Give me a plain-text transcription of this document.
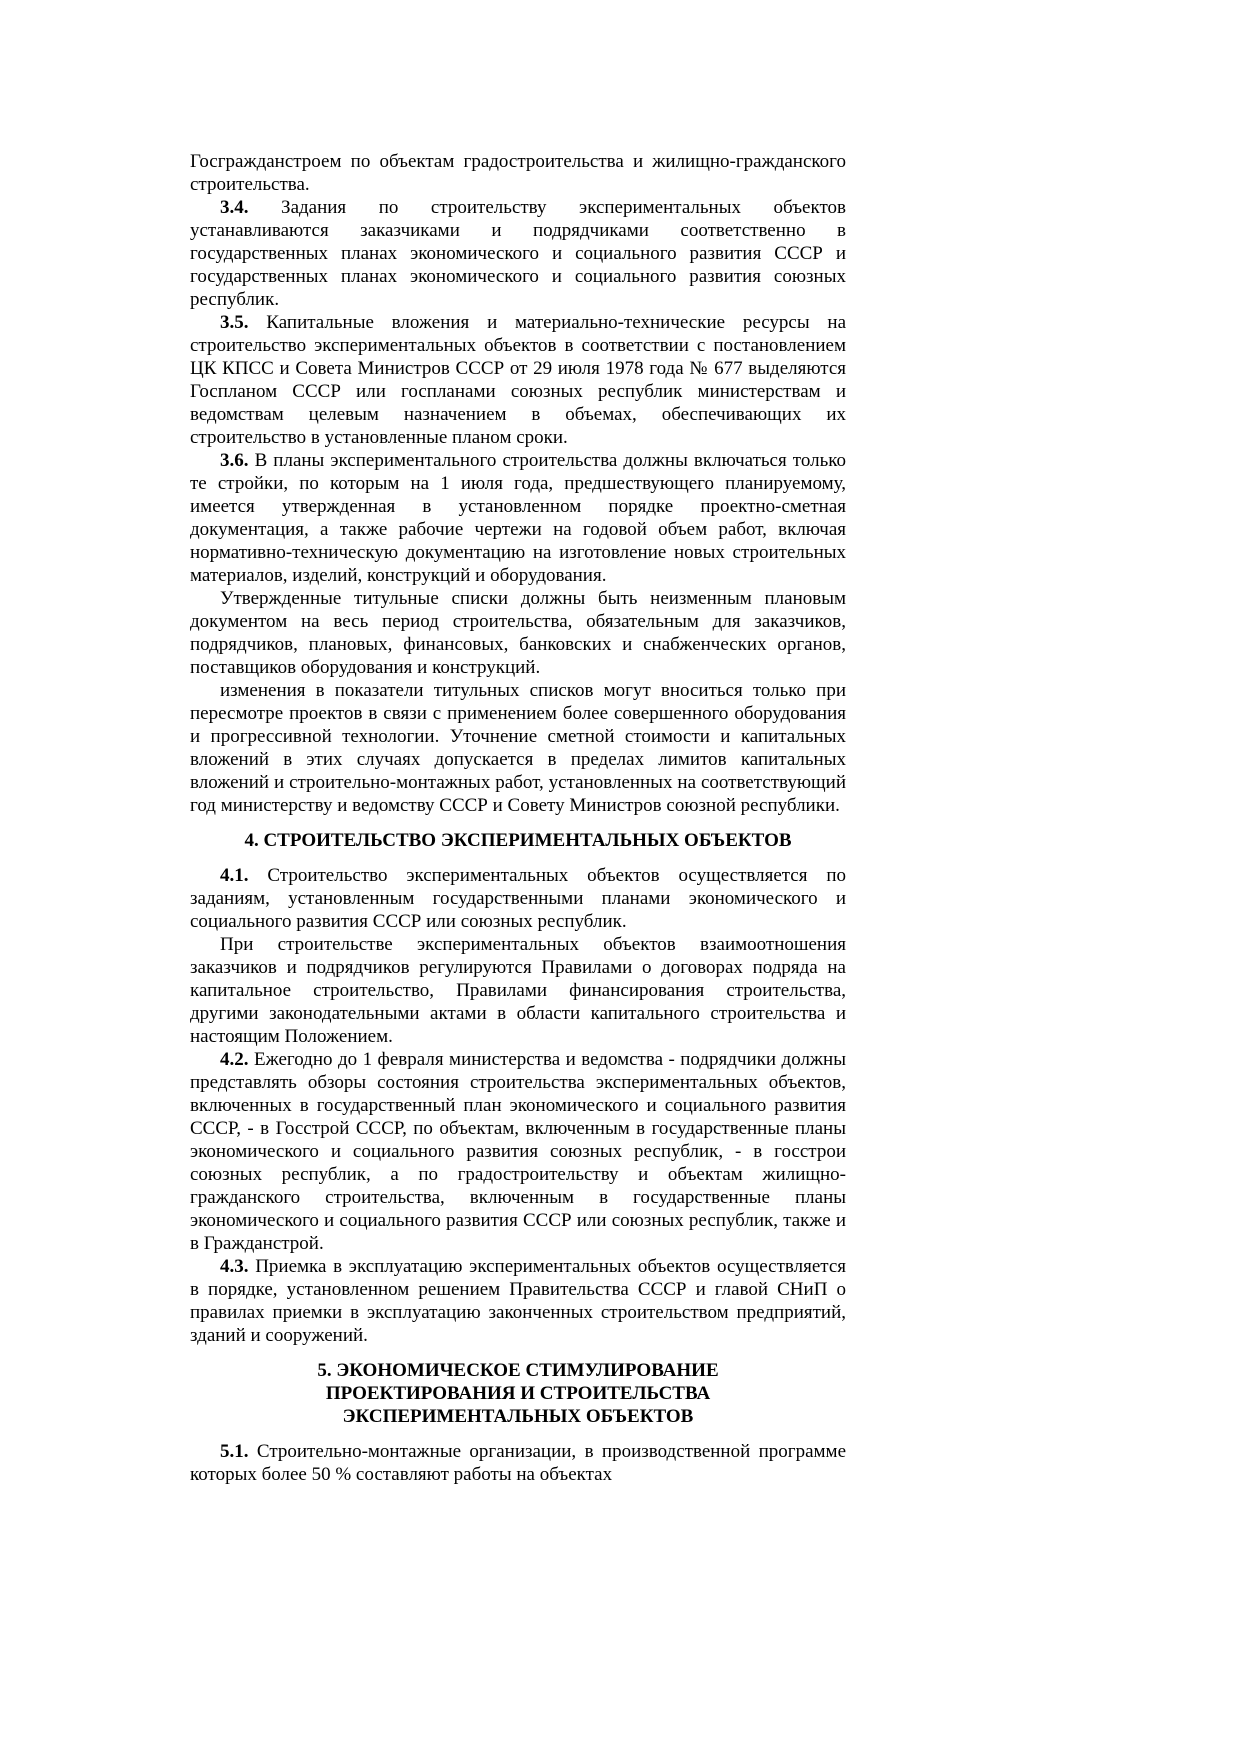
Госгражданстроем по объектам градостроительства и жилищно-гражданского строительства.

3.4. Задания по строительству экспериментальных объектов устанавливаются заказчиками и подрядчиками соответственно в государственных планах экономического и социального развития СССР и государственных планах экономического и социального развития союзных республик.

3.5. Капитальные вложения и материально-технические ресурсы на строительство экспериментальных объектов в соответствии с постановлением ЦК КПСС и Совета Министров СССР от 29 июля 1978 года № 677 выделяются Госпланом СССР или госпланами союзных республик министерствам и ведомствам целевым назначением в объемах, обеспечивающих их строительство в установленные планом сроки.

3.6. В планы экспериментального строительства должны включаться только те стройки, по которым на 1 июля года, предшествующего планируемому, имеется утвержденная в установленном порядке проектно-сметная документация, а также рабочие чертежи на годовой объем работ, включая нормативно-техническую документацию на изготовление новых строительных материалов, изделий, конструкций и оборудования.

Утвержденные титульные списки должны быть неизменным плановым документом на весь период строительства, обязательным для заказчиков, подрядчиков, плановых, финансовых, банковских и снабженческих органов, поставщиков оборудования и конструкций.

изменения в показатели титульных списков могут вноситься только при пересмотре проектов в связи с применением более совершенного оборудования и прогрессивной технологии. Уточнение сметной стоимости и капитальных вложений в этих случаях допускается в пределах лимитов капитальных вложений и строительно-монтажных работ, установленных на соответствующий год министерству и ведомству СССР и Совету Министров союзной республики.

4. СТРОИТЕЛЬСТВО ЭКСПЕРИМЕНТАЛЬНЫХ ОБЪЕКТОВ

4.1. Строительство экспериментальных объектов осуществляется по заданиям, установленным государственными планами экономического и социального развития СССР или союзных республик.

При строительстве экспериментальных объектов взаимоотношения заказчиков и подрядчиков регулируются Правилами о договорах подряда на капитальное строительство, Правилами финансирования строительства, другими законодательными актами в области капитального строительства и настоящим Положением.

4.2. Ежегодно до 1 февраля министерства и ведомства - подрядчики должны представлять обзоры состояния строительства экспериментальных объектов, включенных в государственный план экономического и социального развития СССР, - в Госстрой СССР, по объектам, включенным в государственные планы экономического и социального развития союзных республик, - в госстрои союзных республик, а по градостроительству и объектам жилищно-гражданского строительства, включенным в государственные планы экономического и социального развития СССР или союзных республик, также и в Гражданстрой.

4.3. Приемка в эксплуатацию экспериментальных объектов осуществляется в порядке, установленном решением Правительства СССР и главой СНиП о правилах приемки в эксплуатацию законченных строительством предприятий, зданий и сооружений.

5. ЭКОНОМИЧЕСКОЕ СТИМУЛИРОВАНИЕ
ПРОЕКТИРОВАНИЯ И СТРОИТЕЛЬСТВА
ЭКСПЕРИМЕНТАЛЬНЫХ ОБЪЕКТОВ

5.1. Строительно-монтажные организации, в производственной программе которых более 50 % составляют работы на объектах
